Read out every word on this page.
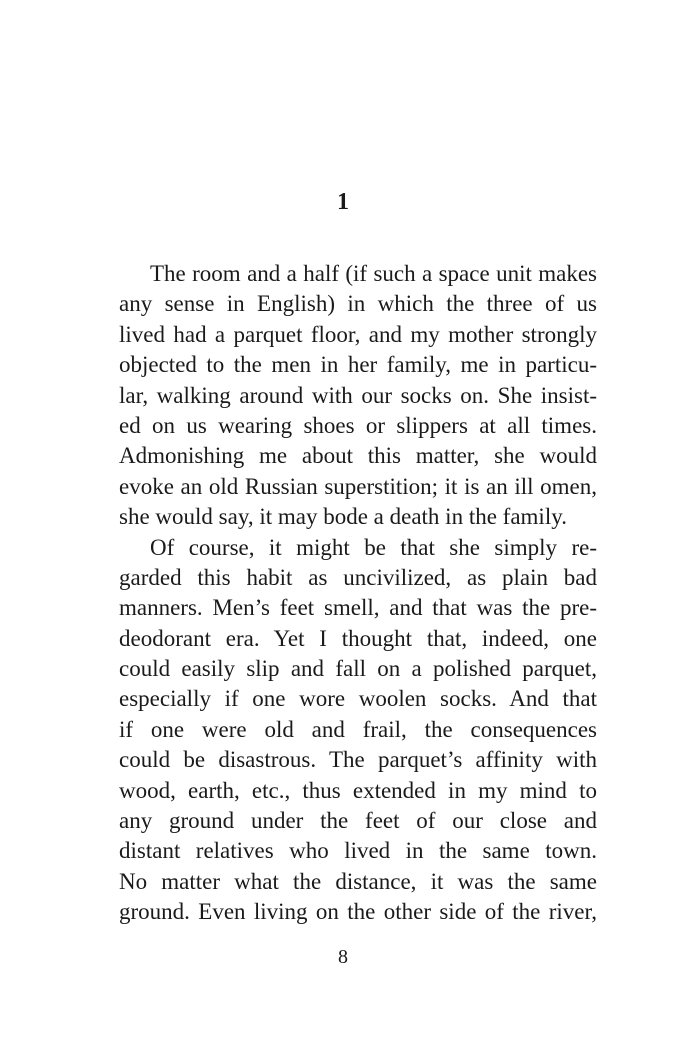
1
The room and a half (if such a space unit makes
any sense in English) in which the three of us
lived had a parquet floor, and my mother strongly
objected to the men in her family, me in particu-
lar, walking around with our socks on. She insist-
ed on us wearing shoes or slippers at all times.
Admonishing me about this matter, she would
evoke an old Russian superstition; it is an ill omen,
she would say, it may bode a death in the family.
Of course, it might be that she simply re-
garded this habit as uncivilized, as plain bad
manners. Men’s feet smell, and that was the pre-
deodorant era. Yet I thought that, indeed, one
could easily slip and fall on a polished parquet,
especially if one wore woolen socks. And that
if one were old and frail, the consequences
could be disastrous. The parquet’s affinity with
wood, earth, etc., thus extended in my mind to
any ground under the feet of our close and
distant relatives who lived in the same town.
No matter what the distance, it was the same
ground. Even living on the other side of the river,
8
